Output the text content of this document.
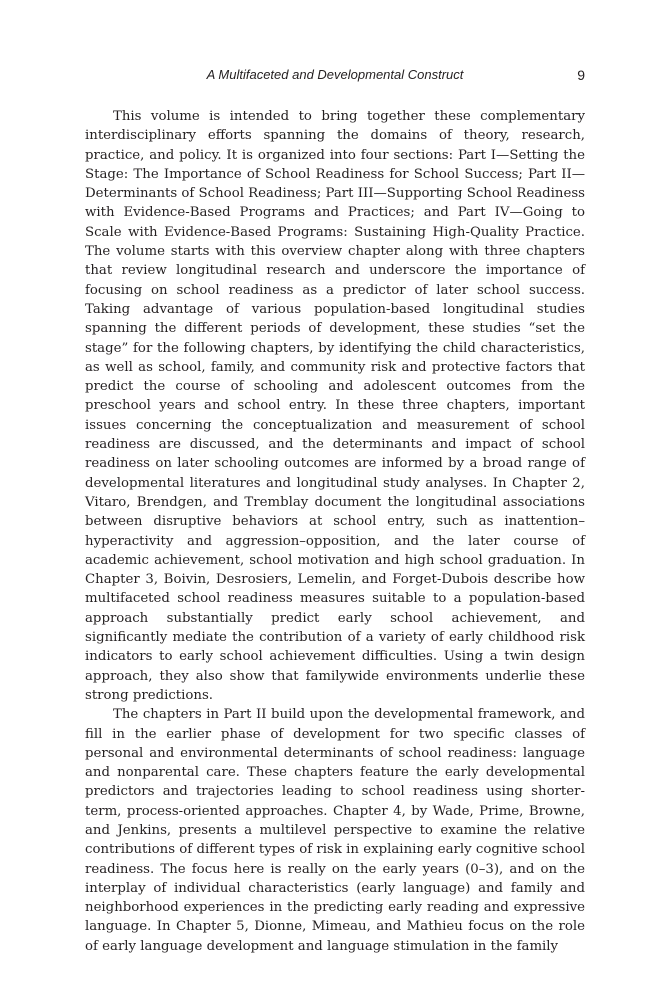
A Multifaceted and Developmental Construct	9

This volume is intended to bring together these complementary interdisciplinary efforts spanning the domains of theory, research, practice, and policy. It is organized into four sections: Part I—Setting the Stage: The Importance of School Readiness for School Success; Part II—Determinants of School Readiness; Part III—Supporting School Readiness with Evidence-Based Programs and Practices; and Part IV—Going to Scale with Evidence-Based Programs: Sustaining High-Quality Practice. The volume starts with this overview chapter along with three chapters that review longitudinal research and underscore the importance of focusing on school readiness as a predictor of later school success. Taking advantage of various population-based longitudinal studies spanning the different periods of development, these studies “set the stage” for the following chapters, by identifying the child characteristics, as well as school, family, and community risk and protective factors that predict the course of schooling and adolescent outcomes from the preschool years and school entry. In these three chapters, important issues concerning the conceptualization and measurement of school readiness are discussed, and the determinants and impact of school readiness on later schooling outcomes are informed by a broad range of developmental literatures and longitudinal study analyses. In Chapter 2, Vitaro, Brendgen, and Tremblay document the longitudinal associations between disruptive behaviors at school entry, such as inattention–hyperactivity and aggression–opposition, and the later course of academic achievement, school motivation and high school graduation. In Chapter 3, Boivin, Desrosiers, Lemelin, and Forget-Dubois describe how multifaceted school readiness measures suitable to a population-based approach substantially predict early school achievement, and significantly mediate the contribution of a variety of early childhood risk indicators to early school achievement difficulties. Using a twin design approach, they also show that familywide environments underlie these strong predictions.

The chapters in Part II build upon the developmental framework, and fill in the earlier phase of development for two specific classes of personal and environmental determinants of school readiness: language and nonparental care. These chapters feature the early developmental predictors and trajectories leading to school readiness using shorter-term, process-oriented approaches. Chapter 4, by Wade, Prime, Browne, and Jenkins, presents a multilevel perspective to examine the relative contributions of different types of risk in explaining early cognitive school readiness. The focus here is really on the early years (0–3), and on the interplay of individual characteristics (early language) and family and neighborhood experiences in the predicting early reading and expressive language. In Chapter 5, Dionne, Mimeau, and Mathieu focus on the role of early language development and language stimulation in the family
